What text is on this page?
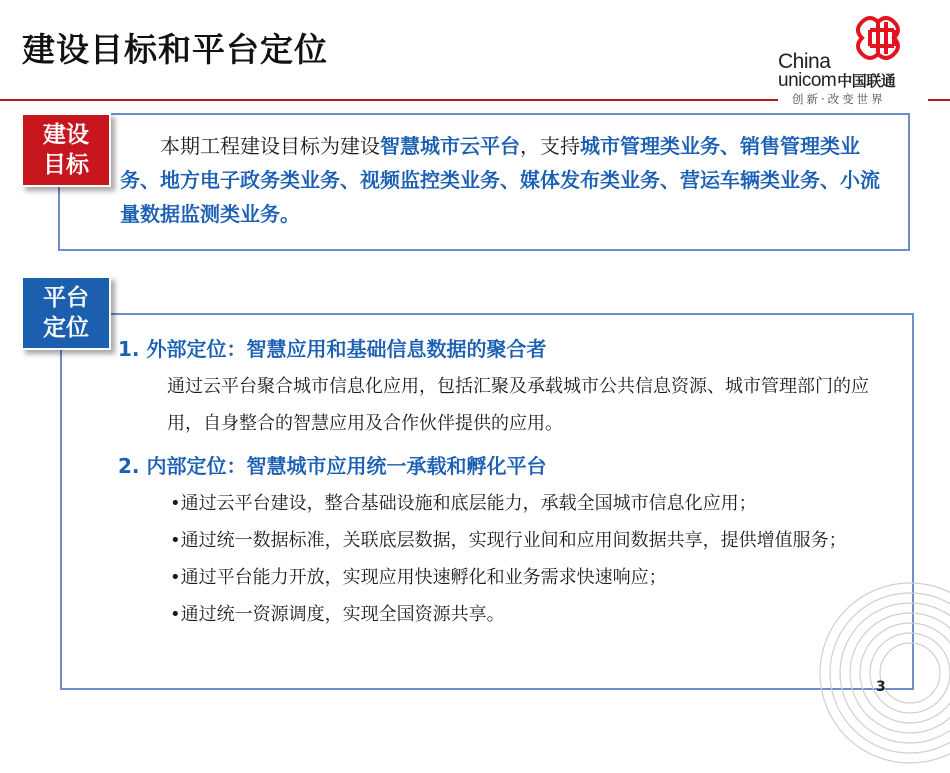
建设目标和平台定位	China
unicom中国联通
创新·改变世界
建设
目标
本期工程建设目标为建设智慧城市云平台，支持城市管理类业务、销售管理类业务、地方电子政务类业务、视频监控类业务、媒体发布类业务、营运车辆类业务、小流量数据监测类业务。
平台
定位
1. 外部定位：智慧应用和基础信息数据的聚合者
通过云平台聚合城市信息化应用，包括汇聚及承载城市公共信息资源、城市管理部门的应用，自身整合的智慧应用及合作伙伴提供的应用。
2. 内部定位：智慧城市应用统一承载和孵化平台
•通过云平台建设，整合基础设施和底层能力，承载全国城市信息化应用；
•通过统一数据标准，关联底层数据，实现行业间和应用间数据共享，提供增值服务；
•通过平台能力开放，实现应用快速孵化和业务需求快速响应；
•通过统一资源调度，实现全国资源共享。
3
